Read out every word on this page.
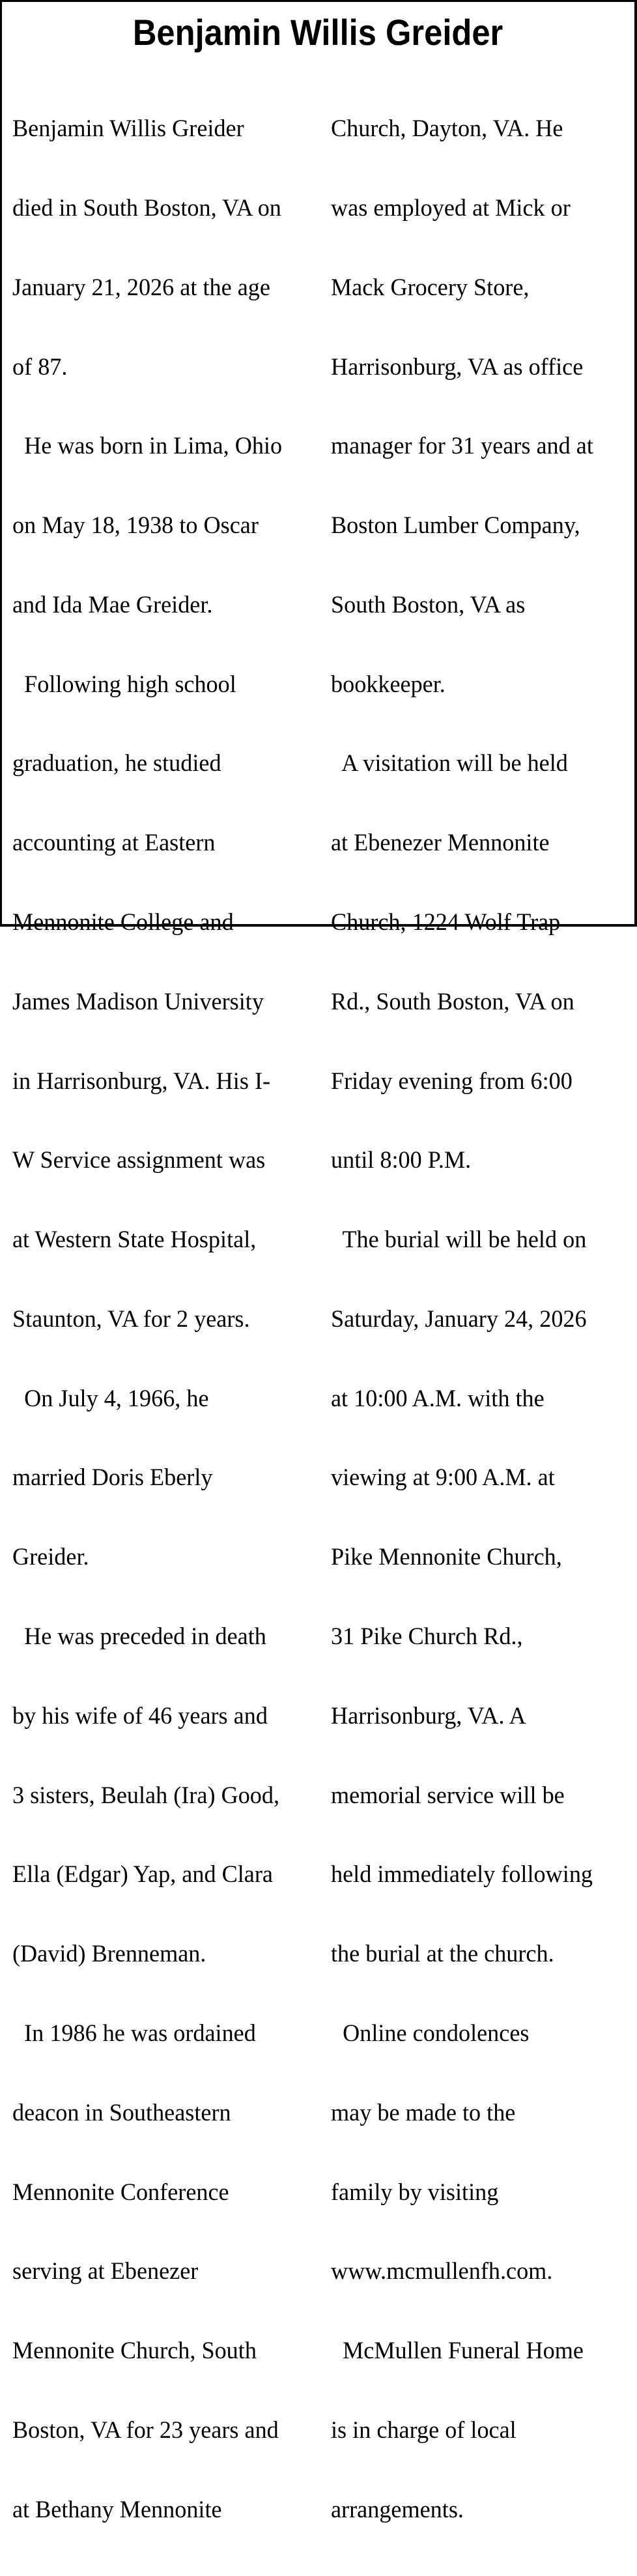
Benjamin Willis Greider

Benjamin Willis Greider

died in South Boston, VA on

January 21, 2026 at the age

of 87.

He was born in Lima, Ohio

on May 18, 1938 to Oscar

and Ida Mae Greider.

Following high school

graduation, he studied

accounting at Eastern

Mennonite College and

James Madison University

in Harrisonburg, VA. His I-

W Service assignment was

at Western State Hospital,

Staunton, VA for 2 years.

On July 4, 1966, he

married Doris Eberly

Greider.

He was preceded in death

by his wife of 46 years and

3 sisters, Beulah (Ira) Good,

Ella (Edgar) Yap, and Clara

(David) Brenneman.

In 1986 he was ordained

deacon in Southeastern

Mennonite Conference

serving at Ebenezer

Mennonite Church, South

Boston, VA for 23 years and

at Bethany Mennonite

Church, Dayton, VA. He

was employed at Mick or

Mack Grocery Store,

Harrisonburg, VA as office

manager for 31 years and at

Boston Lumber Company,

South Boston, VA as

bookkeeper.

A visitation will be held

at Ebenezer Mennonite

Church, 1224 Wolf Trap

Rd., South Boston, VA on

Friday evening from 6:00

until 8:00 P.M.

The burial will be held on

Saturday, January 24, 2026

at 10:00 A.M. with the

viewing at 9:00 A.M. at

Pike Mennonite Church,

31 Pike Church Rd.,

Harrisonburg, VA. A

memorial service will be

held immediately following

the burial at the church.

Online condolences

may be made to the

family by visiting

www.mcmullenfh.com.

McMullen Funeral Home

is in charge of local

arrangements.
